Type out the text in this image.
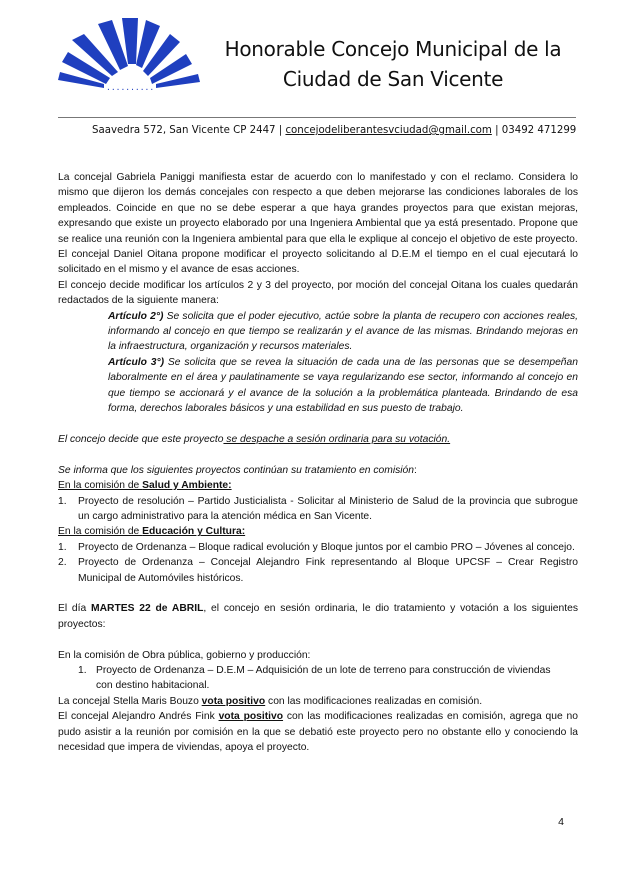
..........
Honorable Concejo Municipal de la
Ciudad de San Vicente
Saavedra 572, San Vicente CP 2447 | concejodeliberantesvciudad@gmail.com | 03492 471299

La concejal Gabriela Paniggi manifiesta estar de acuerdo con lo manifestado y con el reclamo. Considera lo mismo que dijeron los demás concejales con respecto a que deben mejorarse las condiciones laborales de los empleados. Coincide en que no se debe esperar a que haya grandes proyectos para que existan mejoras, expresando que existe un proyecto elaborado por una Ingeniera Ambiental que ya está presentado. Propone que se realice una reunión con la Ingeniera ambiental para que ella le explique al concejo el objetivo de este proyecto.

El concejal Daniel Oitana propone modificar el proyecto solicitando al D.E.M el tiempo en el cual ejecutará lo solicitado en el mismo y el avance de esas acciones.

El concejo decide modificar los artículos 2 y 3 del proyecto, por moción del concejal Oitana los cuales quedarán redactados de la siguiente manera:

Artículo 2°) Se solicita que el poder ejecutivo, actúe sobre la planta de recupero con acciones reales, informando al concejo en que tiempo se realizarán y el avance de las mismas. Brindando mejoras en la infraestructura, organización y recursos materiales.

Artículo 3°) Se solicita que se revea la situación de cada una de las personas que se desempeñan laboralmente en el área y paulatinamente se vaya regularizando ese sector, informando al concejo en que tiempo se accionará y el avance de la solución a la problemática planteada. Brindando de esa forma, derechos laborales básicos y una estabilidad en sus puesto de trabajo.

El concejo decide que este proyecto se despache a sesión ordinaria para su votación.

Se informa que los siguientes proyectos continúan su tratamiento en comisión:

En la comisión de Salud y Ambiente:

1. Proyecto de resolución – Partido Justicialista - Solicitar al Ministerio de Salud de la provincia que subrogue un cargo administrativo para la atención médica en San Vicente.

En la comisión de Educación y Cultura:

1. Proyecto de Ordenanza – Bloque radical evolución y Bloque juntos por el cambio PRO – Jóvenes al concejo.
2. Proyecto de Ordenanza – Concejal Alejandro Fink representando al Bloque UPCSF – Crear Registro Municipal de Automóviles históricos.

El día MARTES 22 de ABRIL, el concejo en sesión ordinaria, le dio tratamiento y votación a los siguientes proyectos:

En la comisión de Obra pública, gobierno y producción:

1. Proyecto de Ordenanza – D.E.M – Adquisición de un lote de terreno para construcción de viviendas
con destino habitacional.

La concejal Stella Maris Bouzo vota positivo con las modificaciones realizadas en comisión.

El concejal Alejandro Andrés Fink vota positivo con las modificaciones realizadas en comisión, agrega que no pudo asistir a la reunión por comisión en la que se debatió este proyecto pero no obstante ello y conociendo la necesidad que impera de viviendas, apoya el proyecto.

4
